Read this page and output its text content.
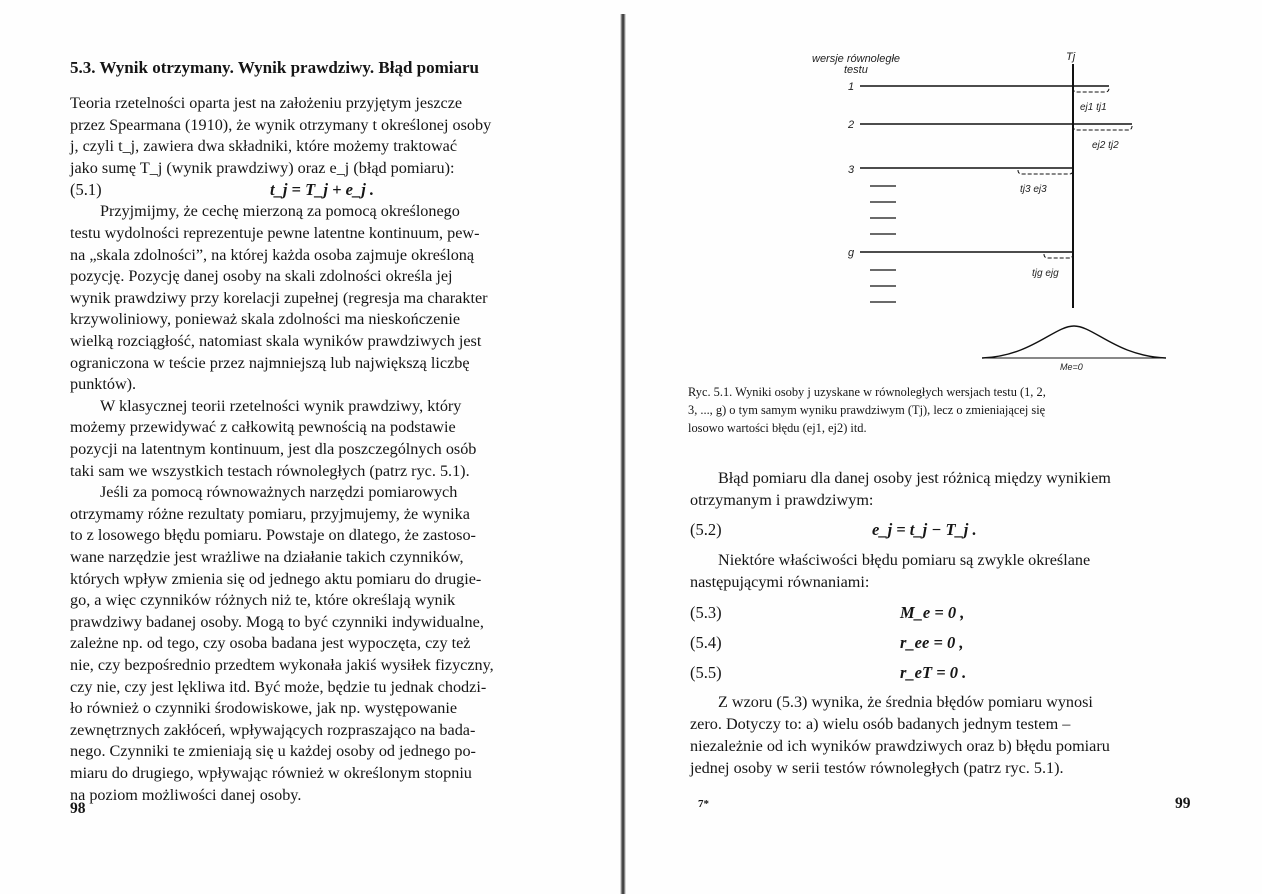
5.3. Wynik otrzymany. Wynik prawdziwy. Błąd pomiaru
Teoria rzetelności oparta jest na założeniu przyjętym jeszcze
przez Spearmana (1910), że wynik otrzymany t określonej osoby
j, czyli t_j, zawiera dwa składniki, które możemy traktować
jako sumę T_j (wynik prawdziwy) oraz e_j (błąd pomiaru):
(5.1)	t_j = T_j + e_j .
Przyjmijmy, że cechę mierzoną za pomocą określonego
testu wydolności reprezentuje pewne latentne kontinuum, pew-
na „skala zdolności”, na której każda osoba zajmuje określoną
pozycję. Pozycję danej osoby na skali zdolności określa jej
wynik prawdziwy przy korelacji zupełnej (regresja ma charakter
krzywoliniowy, ponieważ skala zdolności ma nieskończenie
wielką rozciągłość, natomiast skala wyników prawdziwych jest
ograniczona w teście przez najmniejszą lub największą liczbę
punktów).
W klasycznej teorii rzetelności wynik prawdziwy, który
możemy przewidywać z całkowitą pewnością na podstawie
pozycji na latentnym kontinuum, jest dla poszczególnych osób
taki sam we wszystkich testach równoległych (patrz ryc. 5.1).
Jeśli za pomocą równoważnych narzędzi pomiarowych
otrzymamy różne rezultaty pomiaru, przyjmujemy, że wynika
to z losowego błędu pomiaru. Powstaje on dlatego, że zastoso-
wane narzędzie jest wrażliwe na działanie takich czynników,
których wpływ zmienia się od jednego aktu pomiaru do drugie-
go, a więc czynników różnych niż te, które określają wynik
prawdziwy badanej osoby. Mogą to być czynniki indywidualne,
zależne np. od tego, czy osoba badana jest wypoczęta, czy też
nie, czy bezpośrednio przedtem wykonała jakiś wysiłek fizyczny,
czy nie, czy jest lękliwa itd. Być może, będzie tu jednak chodzi-
ło również o czynniki środowiskowe, jak np. występowanie
zewnętrznych zakłóceń, wpływających rozpraszająco na bada-
nego. Czynniki te zmieniają się u każdej osoby od jednego po-
miaru do drugiego, wpływając również w określonym stopniu
na poziom możliwości danej osoby.
98
wersje równoległe
testu
Tj
1
ej1 tj1
2
ej2 tj2
3
tj3 ej3
g
tjg ejg
Me=0
Ryc. 5.1. Wyniki osoby j uzyskane w równoległych wersjach testu (1, 2,
3, ..., g) o tym samym wyniku prawdziwym (Tj), lecz o zmieniającej się
losowo wartości błędu (ej1, ej2) itd.
Błąd pomiaru dla danej osoby jest różnicą między wynikiem
otrzymanym i prawdziwym:
(5.2)	e_j = t_j − T_j .
Niektóre właściwości błędu pomiaru są zwykle określane
następującymi równaniami:
(5.3)	M_e = 0 ,
(5.4)	r_ee = 0 ,
(5.5)	r_eT = 0 .
Z wzoru (5.3) wynika, że średnia błędów pomiaru wynosi
zero. Dotyczy to: a) wielu osób badanych jednym testem –
niezależnie od ich wyników prawdziwych oraz b) błędu pomiaru
jednej osoby w serii testów równoległych (patrz ryc. 5.1).
7*	99
